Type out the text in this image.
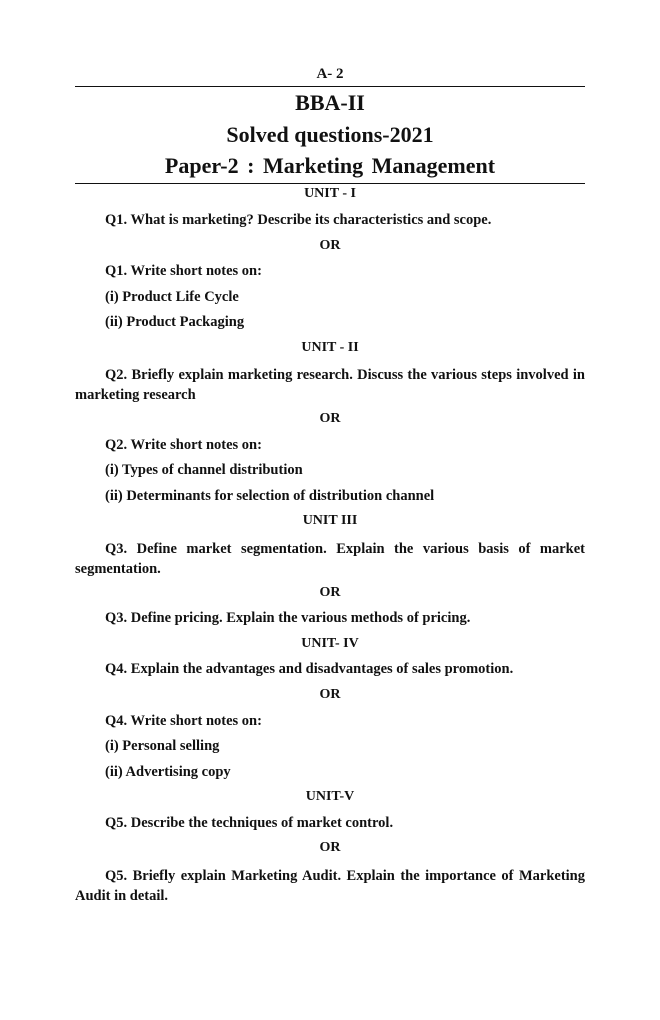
A- 2
BBA-II
Solved questions-2021
Paper-2 : Marketing Management
UNIT - I
Q1. What is marketing? Describe its characteristics and scope.
OR
Q1. Write short notes on:
(i) Product Life Cycle
(ii) Product Packaging
UNIT - II
Q2. Briefly explain marketing research. Discuss the various steps involved in marketing research
OR
Q2. Write short notes on:
(i) Types of channel distribution
(ii) Determinants for selection of distribution channel
UNIT III
Q3. Define market segmentation. Explain the various basis of market segmentation.
OR
Q3. Define pricing. Explain the various methods of pricing.
UNIT- IV
Q4. Explain the advantages and disadvantages of sales promotion.
OR
Q4. Write short notes on:
(i) Personal selling
(ii) Advertising copy
UNIT-V
Q5. Describe the techniques of market control.
OR
Q5. Briefly explain Marketing Audit. Explain the importance of Marketing Audit in detail.
